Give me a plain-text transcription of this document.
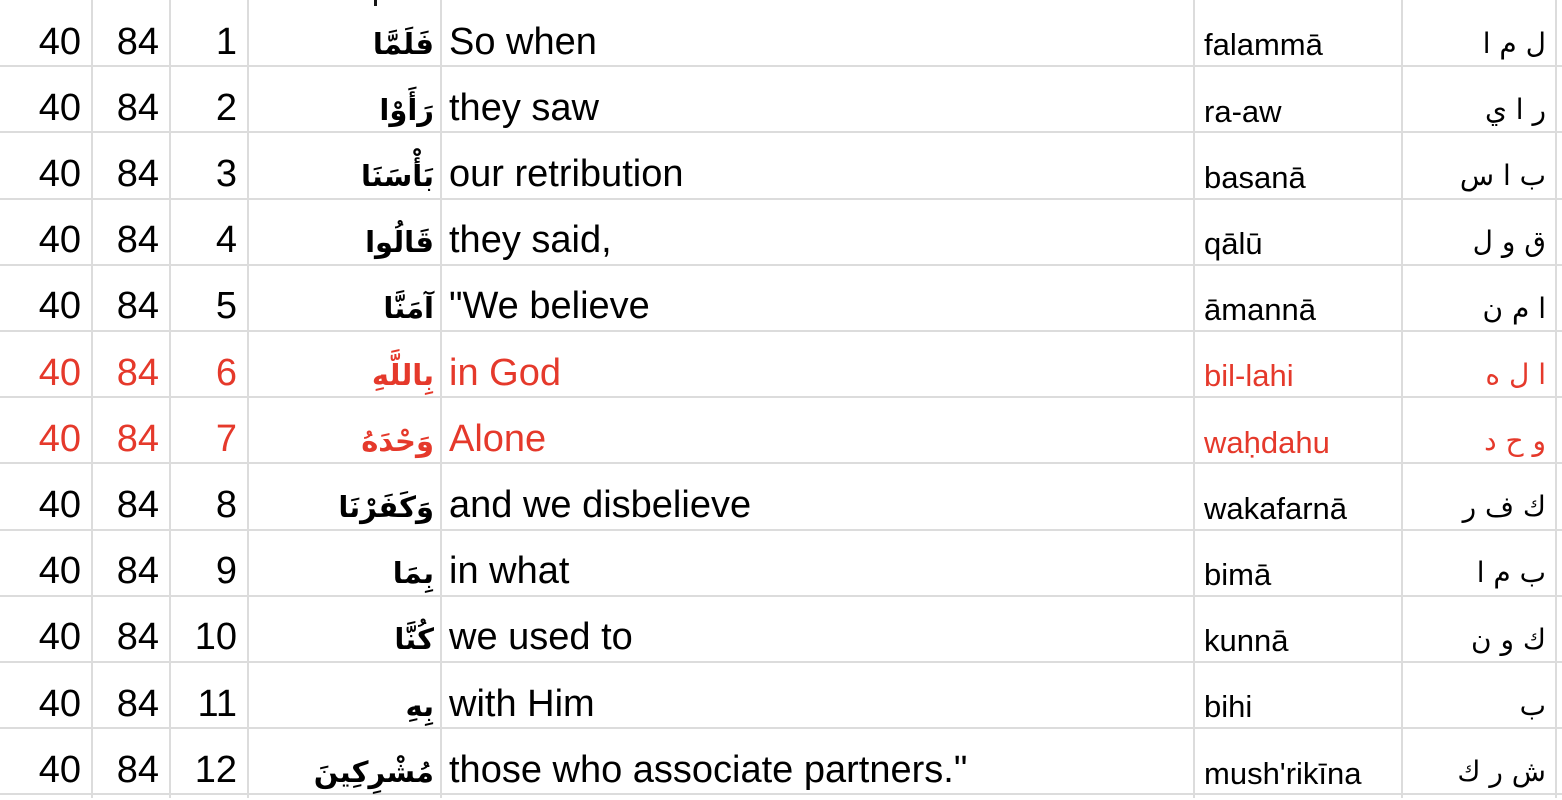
40	84	1	فَلَمَّا	So when	falammā	ل م ا	
40	84	2	رَأَوْا	they saw	ra-aw	ر ا ي	
40	84	3	بَأْسَنَا	our retribution	basanā	ب ا س	
40	84	4	قَالُوا	they said,	qālū	ق و ل	
40	84	5	آمَنَّا	"We believe	āmannā	ا م ن	
40	84	6	بِاللَّهِ	in God	bil-lahi	ا ل ه	
40	84	7	وَحْدَهُ	Alone	waḥdahu	و ح د	
40	84	8	وَكَفَرْنَا	and we disbelieve	wakafarnā	ك ف ر	
40	84	9	بِمَا	in what	bimā	ب م ا	
40	84	10	كُنَّا	we used to	kunnā	ك و ن	
40	84	11	بِهِ	with Him	bihi	ب	
40	84	12	مُشْرِكِينَ	those who associate partners."	mush'rikīna	ش ر ك	
